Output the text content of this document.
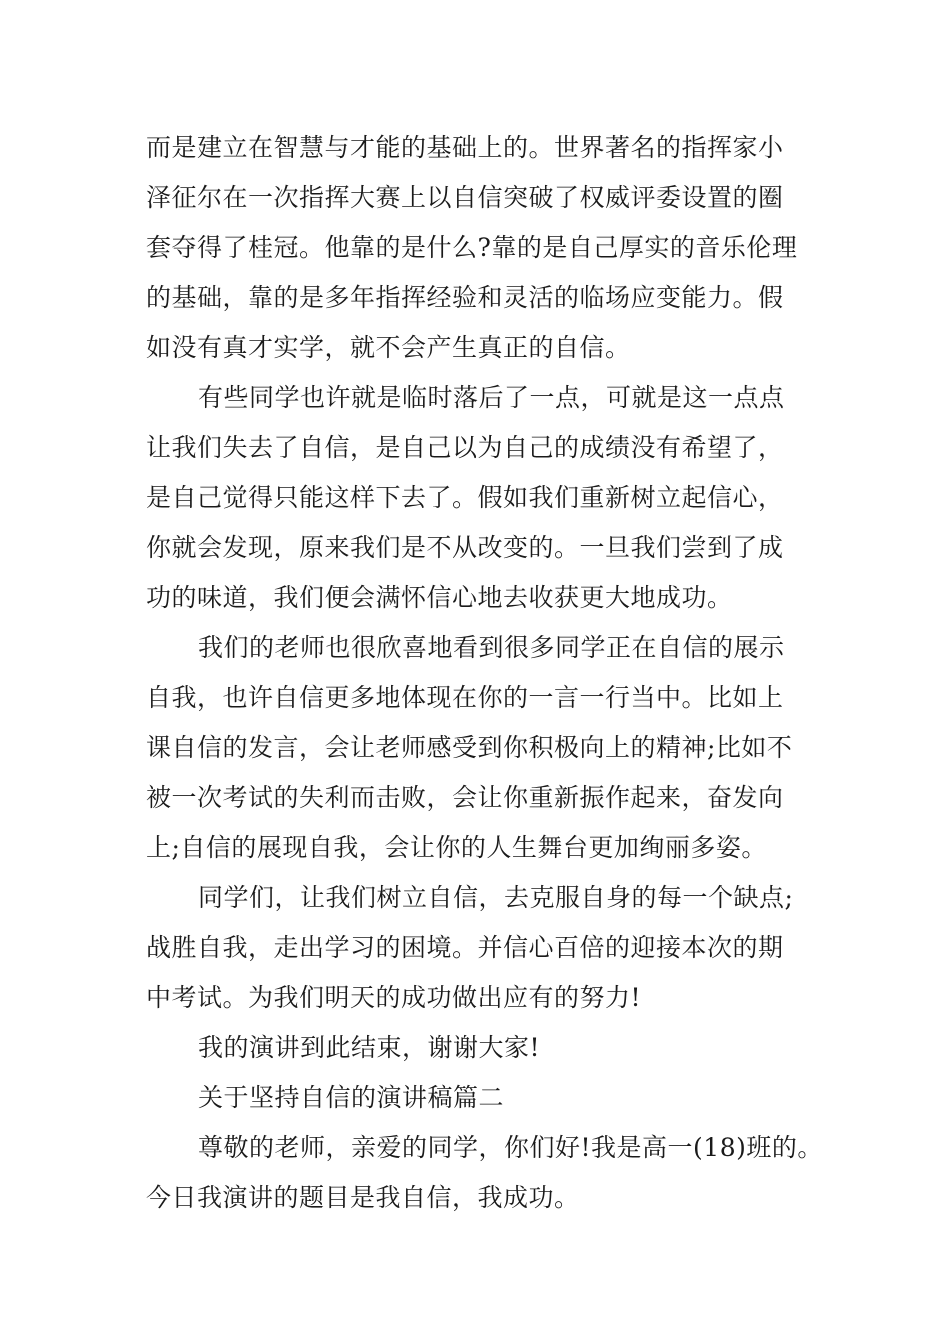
而是建立在智慧与才能的基础上的。世界著名的指挥家小
泽征尔在一次指挥大赛上以自信突破了权威评委设置的圈
套夺得了桂冠。他靠的是什么?靠的是自己厚实的音乐伦理
的基础，靠的是多年指挥经验和灵活的临场应变能力。假
如没有真才实学，就不会产生真正的自信。
有些同学也许就是临时落后了一点，可就是这一点点
让我们失去了自信，是自己以为自己的成绩没有希望了，
是自己觉得只能这样下去了。假如我们重新树立起信心，
你就会发现，原来我们是不从改变的。一旦我们尝到了成
功的味道，我们便会满怀信心地去收获更大地成功。
我们的老师也很欣喜地看到很多同学正在自信的展示
自我，也许自信更多地体现在你的一言一行当中。比如上
课自信的发言，会让老师感受到你积极向上的精神;比如不
被一次考试的失利而击败，会让你重新振作起来，奋发向
上;自信的展现自我，会让你的人生舞台更加绚丽多姿。
同学们，让我们树立自信，去克服自身的每一个缺点;
战胜自我，走出学习的困境。并信心百倍的迎接本次的期
中考试。为我们明天的成功做出应有的努力!
我的演讲到此结束，谢谢大家!
关于坚持自信的演讲稿篇二
尊敬的老师，亲爱的同学，你们好!我是高一(18)班的。
今日我演讲的题目是我自信，我成功。
